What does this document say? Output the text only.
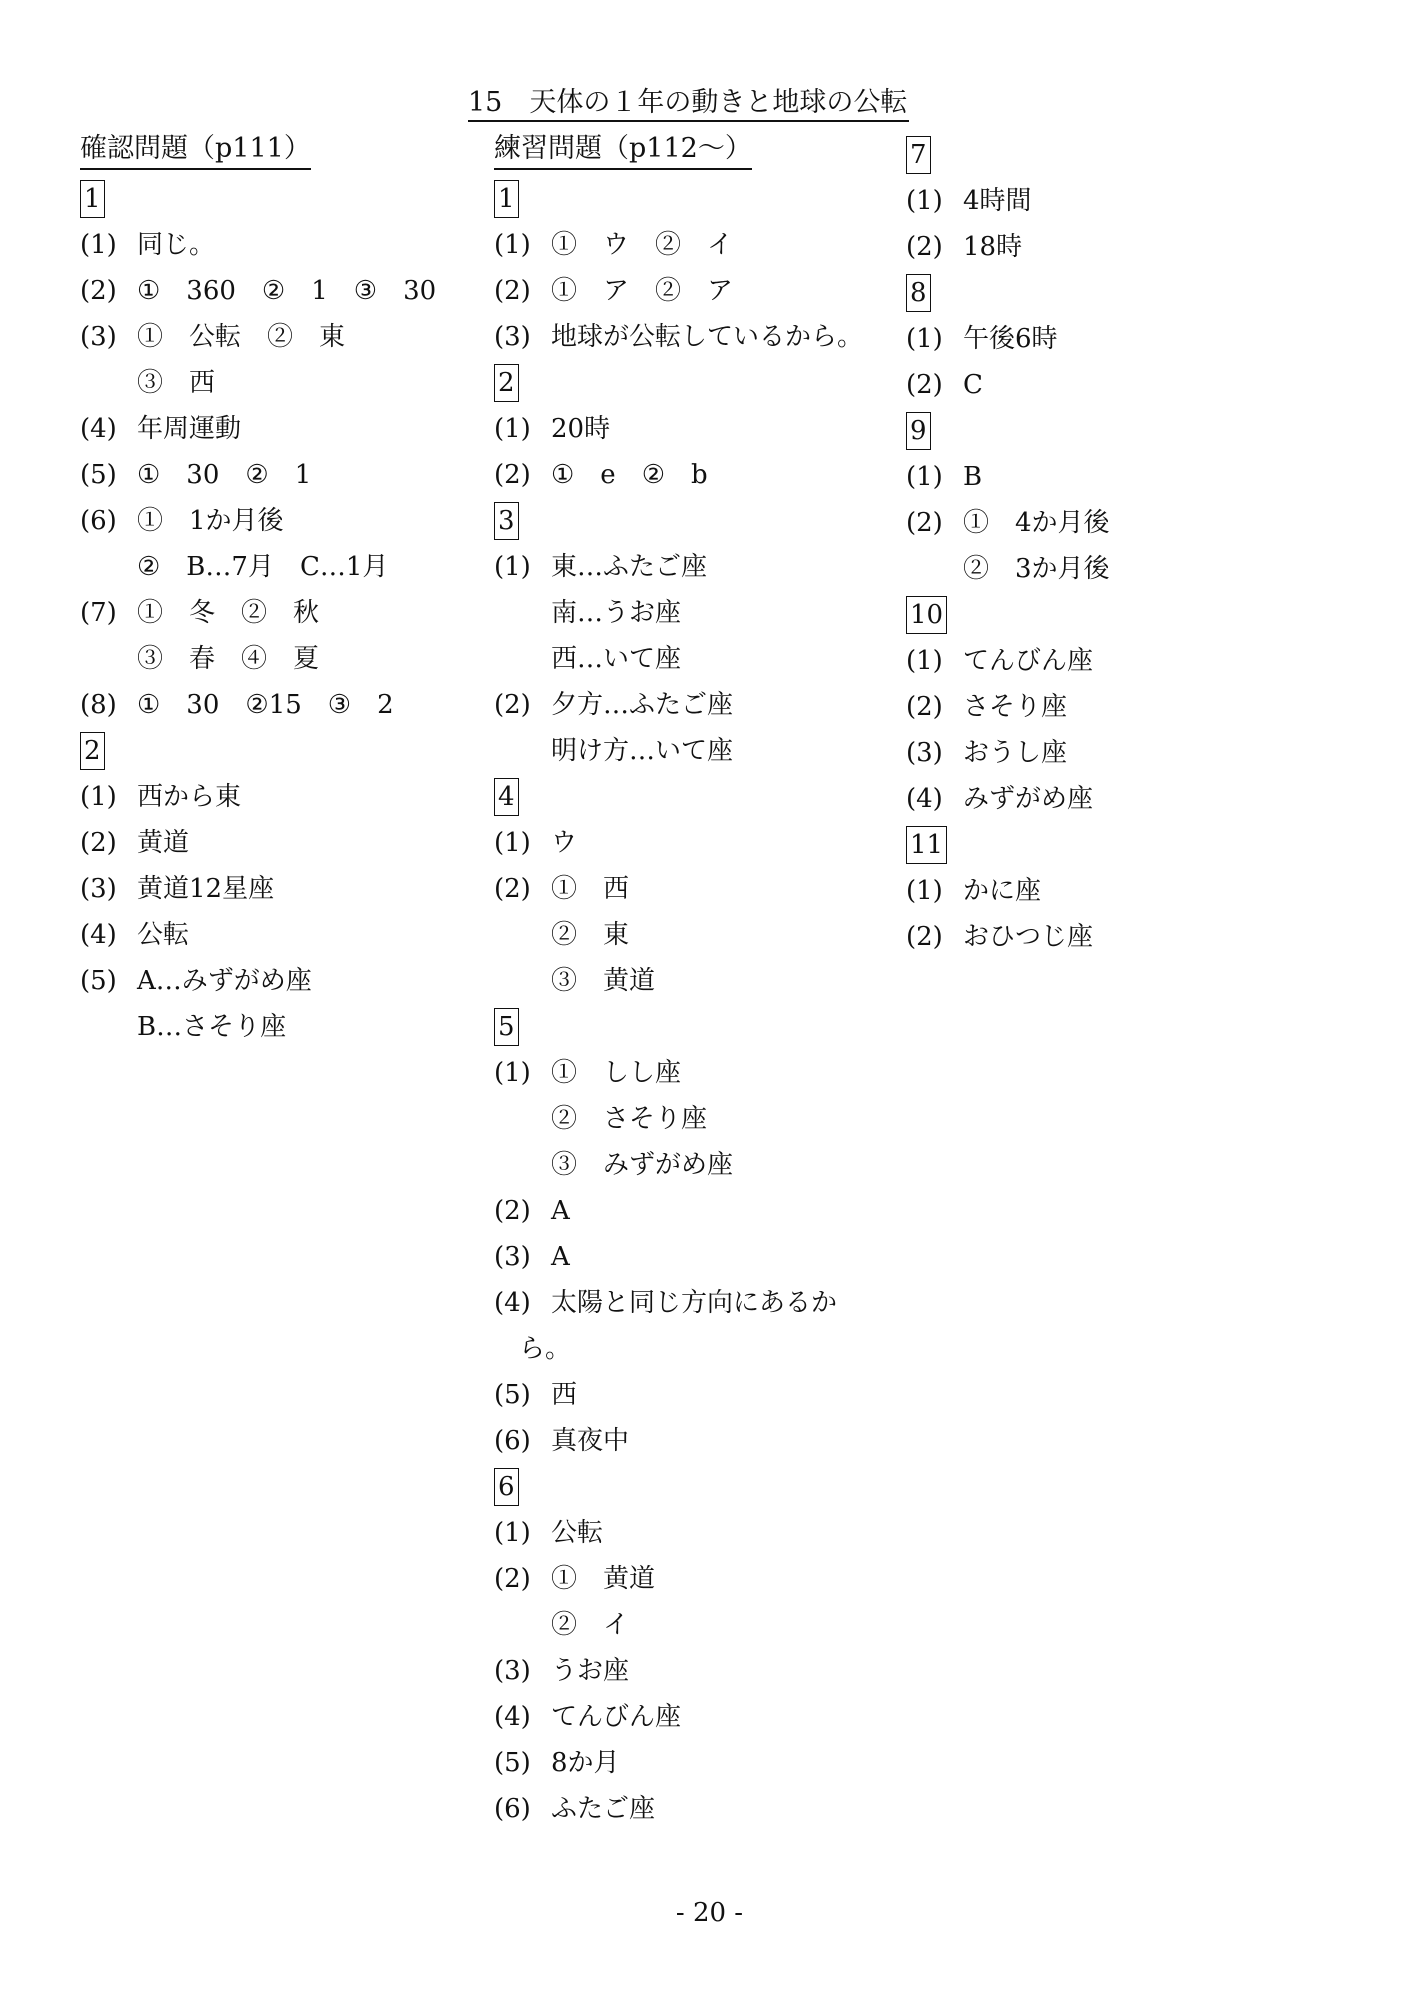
15　天体の１年の動きと地球の公転
確認問題（p111）
1
(1) 同じ。
(2) ①　360　②　1　③　30
(3) ①　公転　②　東
③　西
(4) 年周運動
(5) ①　30　②　1
(6) ①　1か月後
②　B…7月　C…1月
(7) ①　冬　②　秋
③　春　④　夏
(8) ①　30　②15　③　2
2
(1) 西から東
(2) 黄道
(3) 黄道12星座
(4) 公転
(5) A…みずがめ座
B…さそり座
練習問題（p112～）
1
(1) ①　ウ　②　イ
(2) ①　ア　②　ア
(3) 地球が公転しているから。
2
(1) 20時
(2) ①　e　②　b
3
(1) 東…ふたご座
南…うお座
西…いて座
(2) 夕方…ふたご座
明け方…いて座
4
(1) ウ
(2) ①　西
②　東
③　黄道
5
(1) ①　しし座
②　さそり座
③　みずがめ座
(2) A
(3) A
(4) 太陽と同じ方向にあるか
ら。
(5) 西
(6) 真夜中
6
(1) 公転
(2) ①　黄道
②　イ
(3) うお座
(4) てんびん座
(5) 8か月
(6) ふたご座
7
(1) 4時間
(2) 18時
8
(1) 午後6時
(2) C
9
(1) B
(2) ①　4か月後
②　3か月後
10
(1) てんびん座
(2) さそり座
(3) おうし座
(4) みずがめ座
11
(1) かに座
(2) おひつじ座
- 20 -
